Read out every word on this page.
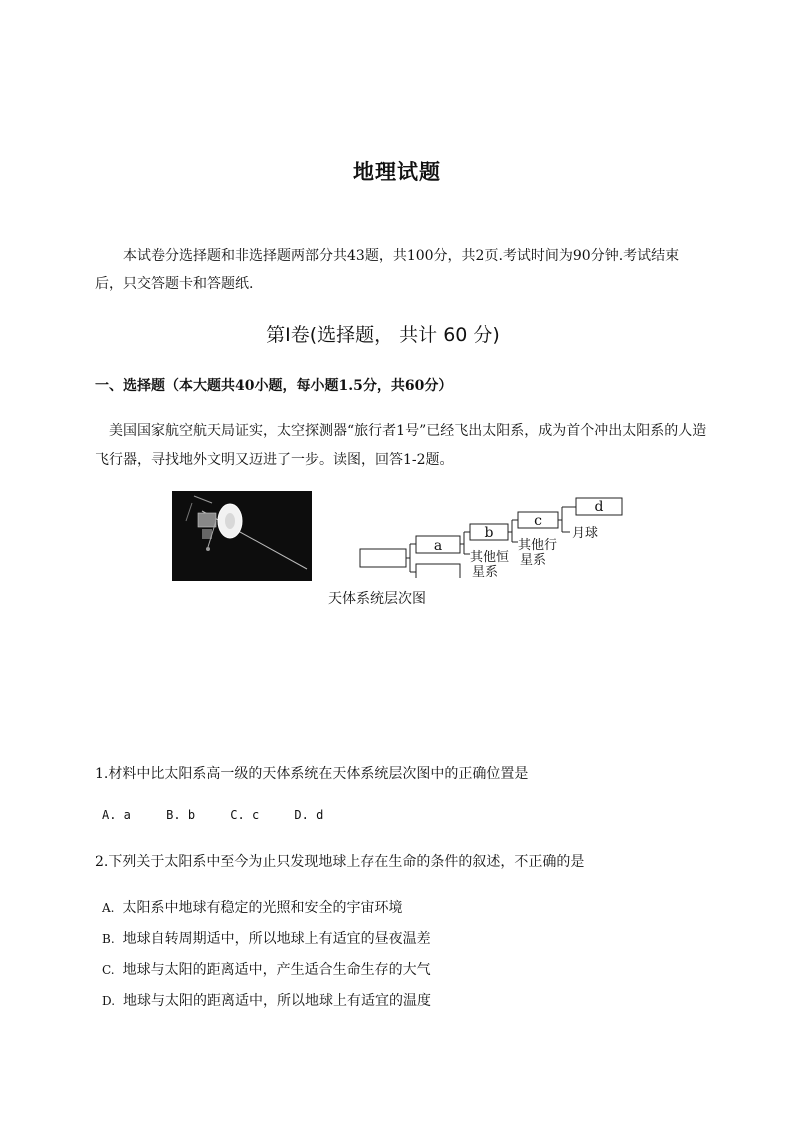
地理试题
本试卷分选择题和非选择题两部分共43题，共100分，共2页.考试时间为90分钟.考试结束后，只交答题卡和答题纸.
第Ⅰ卷(选择题， 共计 60 分)
一、选择题（本大题共40小题，每小题1.5分，共60分）
美国国家航空航天局证实，太空探测器“旅行者1号”已经飞出太阳系，成为首个冲出太阳系的人造飞行器，寻找地外文明又迈进了一步。读图，回答1-2题。
a
b
c
d
其他恒
星系
其他行
星系
月球
天体系统层次图
1.材料中比太阳系高一级的天体系统在天体系统层次图中的正确位置是
A. a	B. b	C. c	D. d
2.下列关于太阳系中至今为止只发现地球上存在生命的条件的叙述，不正确的是
A. 太阳系中地球有稳定的光照和安全的宇宙环境
B. 地球自转周期适中，所以地球上有适宜的昼夜温差
C. 地球与太阳的距离适中，产生适合生命生存的大气
D. 地球与太阳的距离适中，所以地球上有适宜的温度
